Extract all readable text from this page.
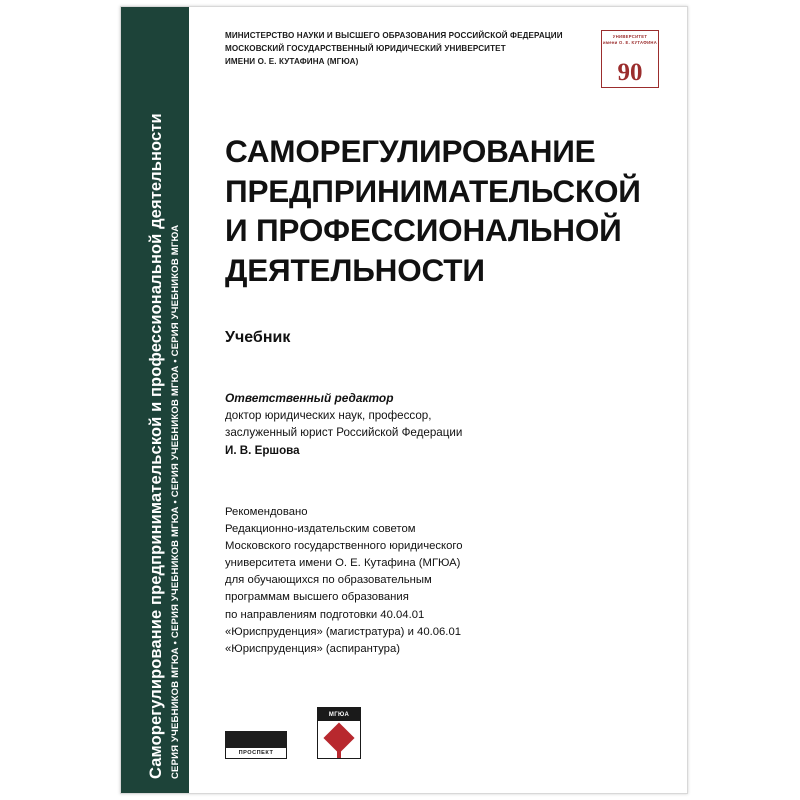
Саморегулирование предпринимательской и профессиональной деятельности СЕРИЯ УЧЕБНИКОВ МГЮА • СЕРИЯ УЧЕБНИКОВ МГЮА • СЕРИЯ УЧЕБНИКОВ МГЮА • СЕРИЯ УЧЕБНИКОВ МГЮА
МИНИСТЕРСТВО НАУКИ И ВЫСШЕГО ОБРАЗОВАНИЯ РОССИЙСКОЙ ФЕДЕРАЦИИ
МОСКОВСКИЙ ГОСУДАРСТВЕННЫЙ ЮРИДИЧЕСКИЙ УНИВЕРСИТЕТ
ИМЕНИ О. Е. КУТАФИНА (МГЮА)
УНИВЕРСИТЕТ
имени О. Е. КУТАФИНА
90
САМОРЕГУЛИРОВАНИЕ
ПРЕДПРИНИМАТЕЛЬСКОЙ
И ПРОФЕССИОНАЛЬНОЙ
ДЕЯТЕЛЬНОСТИ
Учебник
Ответственный редактор
доктор юридических наук, профессор,
заслуженный юрист Российской Федерации
И. В. Ершова
Рекомендовано
Редакционно-издательским советом
Московского государственного юридического
университета имени О. Е. Кутафина (МГЮА)
для обучающихся по образовательным
программам высшего образования
по направлениям подготовки 40.04.01
«Юриспруденция» (магистратура) и 40.06.01
«Юриспруденция» (аспирантура)
ПРОСПЕКТ
МГЮА
